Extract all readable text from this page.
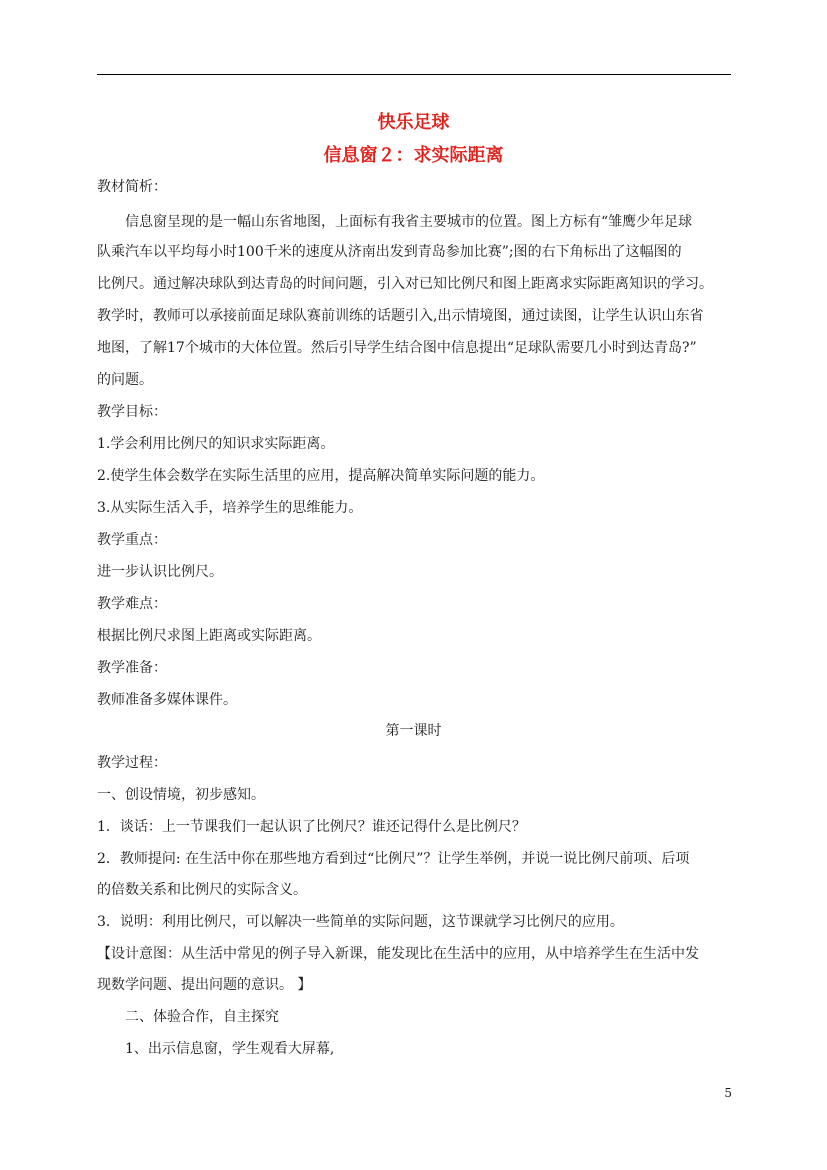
快乐足球
信息窗２：求实际距离
教材简析：
信息窗呈现的是一幅山东省地图，上面标有我省主要城市的位置。图上方标有“雏鹰少年足球
队乘汽车以平均每小时100千米的速度从济南出发到青岛参加比赛”;图的右下角标出了这幅图的
比例尺。通过解决球队到达青岛的时间问题，引入对已知比例尺和图上距离求实际距离知识的学习。
教学时，教师可以承接前面足球队赛前训练的话题引入,出示情境图，通过读图，让学生认识山东省
地图，了解17个城市的大体位置。然后引导学生结合图中信息提出“足球队需要几小时到达青岛?”
的问题。
教学目标：
1.学会利用比例尺的知识求实际距离。
2.使学生体会数学在实际生活里的应用，提高解决简单实际问题的能力。
3.从实际生活入手，培养学生的思维能力。
教学重点：
进一步认识比例尺。
教学难点：
根据比例尺求图上距离或实际距离。
教学准备：
教师准备多媒体课件。
第一课时
教学过程：
一、创设情境，初步感知。
1．谈话：上一节课我们一起认识了比例尺？谁还记得什么是比例尺？
2．教师提问: 在生活中你在那些地方看到过“比例尺”？让学生举例，并说一说比例尺前项、后项
的倍数关系和比例尺的实际含义。
3．说明：利用比例尺，可以解决一些简单的实际问题，这节课就学习比例尺的应用。
【设计意图：从生活中常见的例子导入新课，能发现比在生活中的应用，从中培养学生在生活中发
现数学问题、提出问题的意识。 】
二、体验合作，自主探究
1、出示信息窗，学生观看大屏幕,
5
